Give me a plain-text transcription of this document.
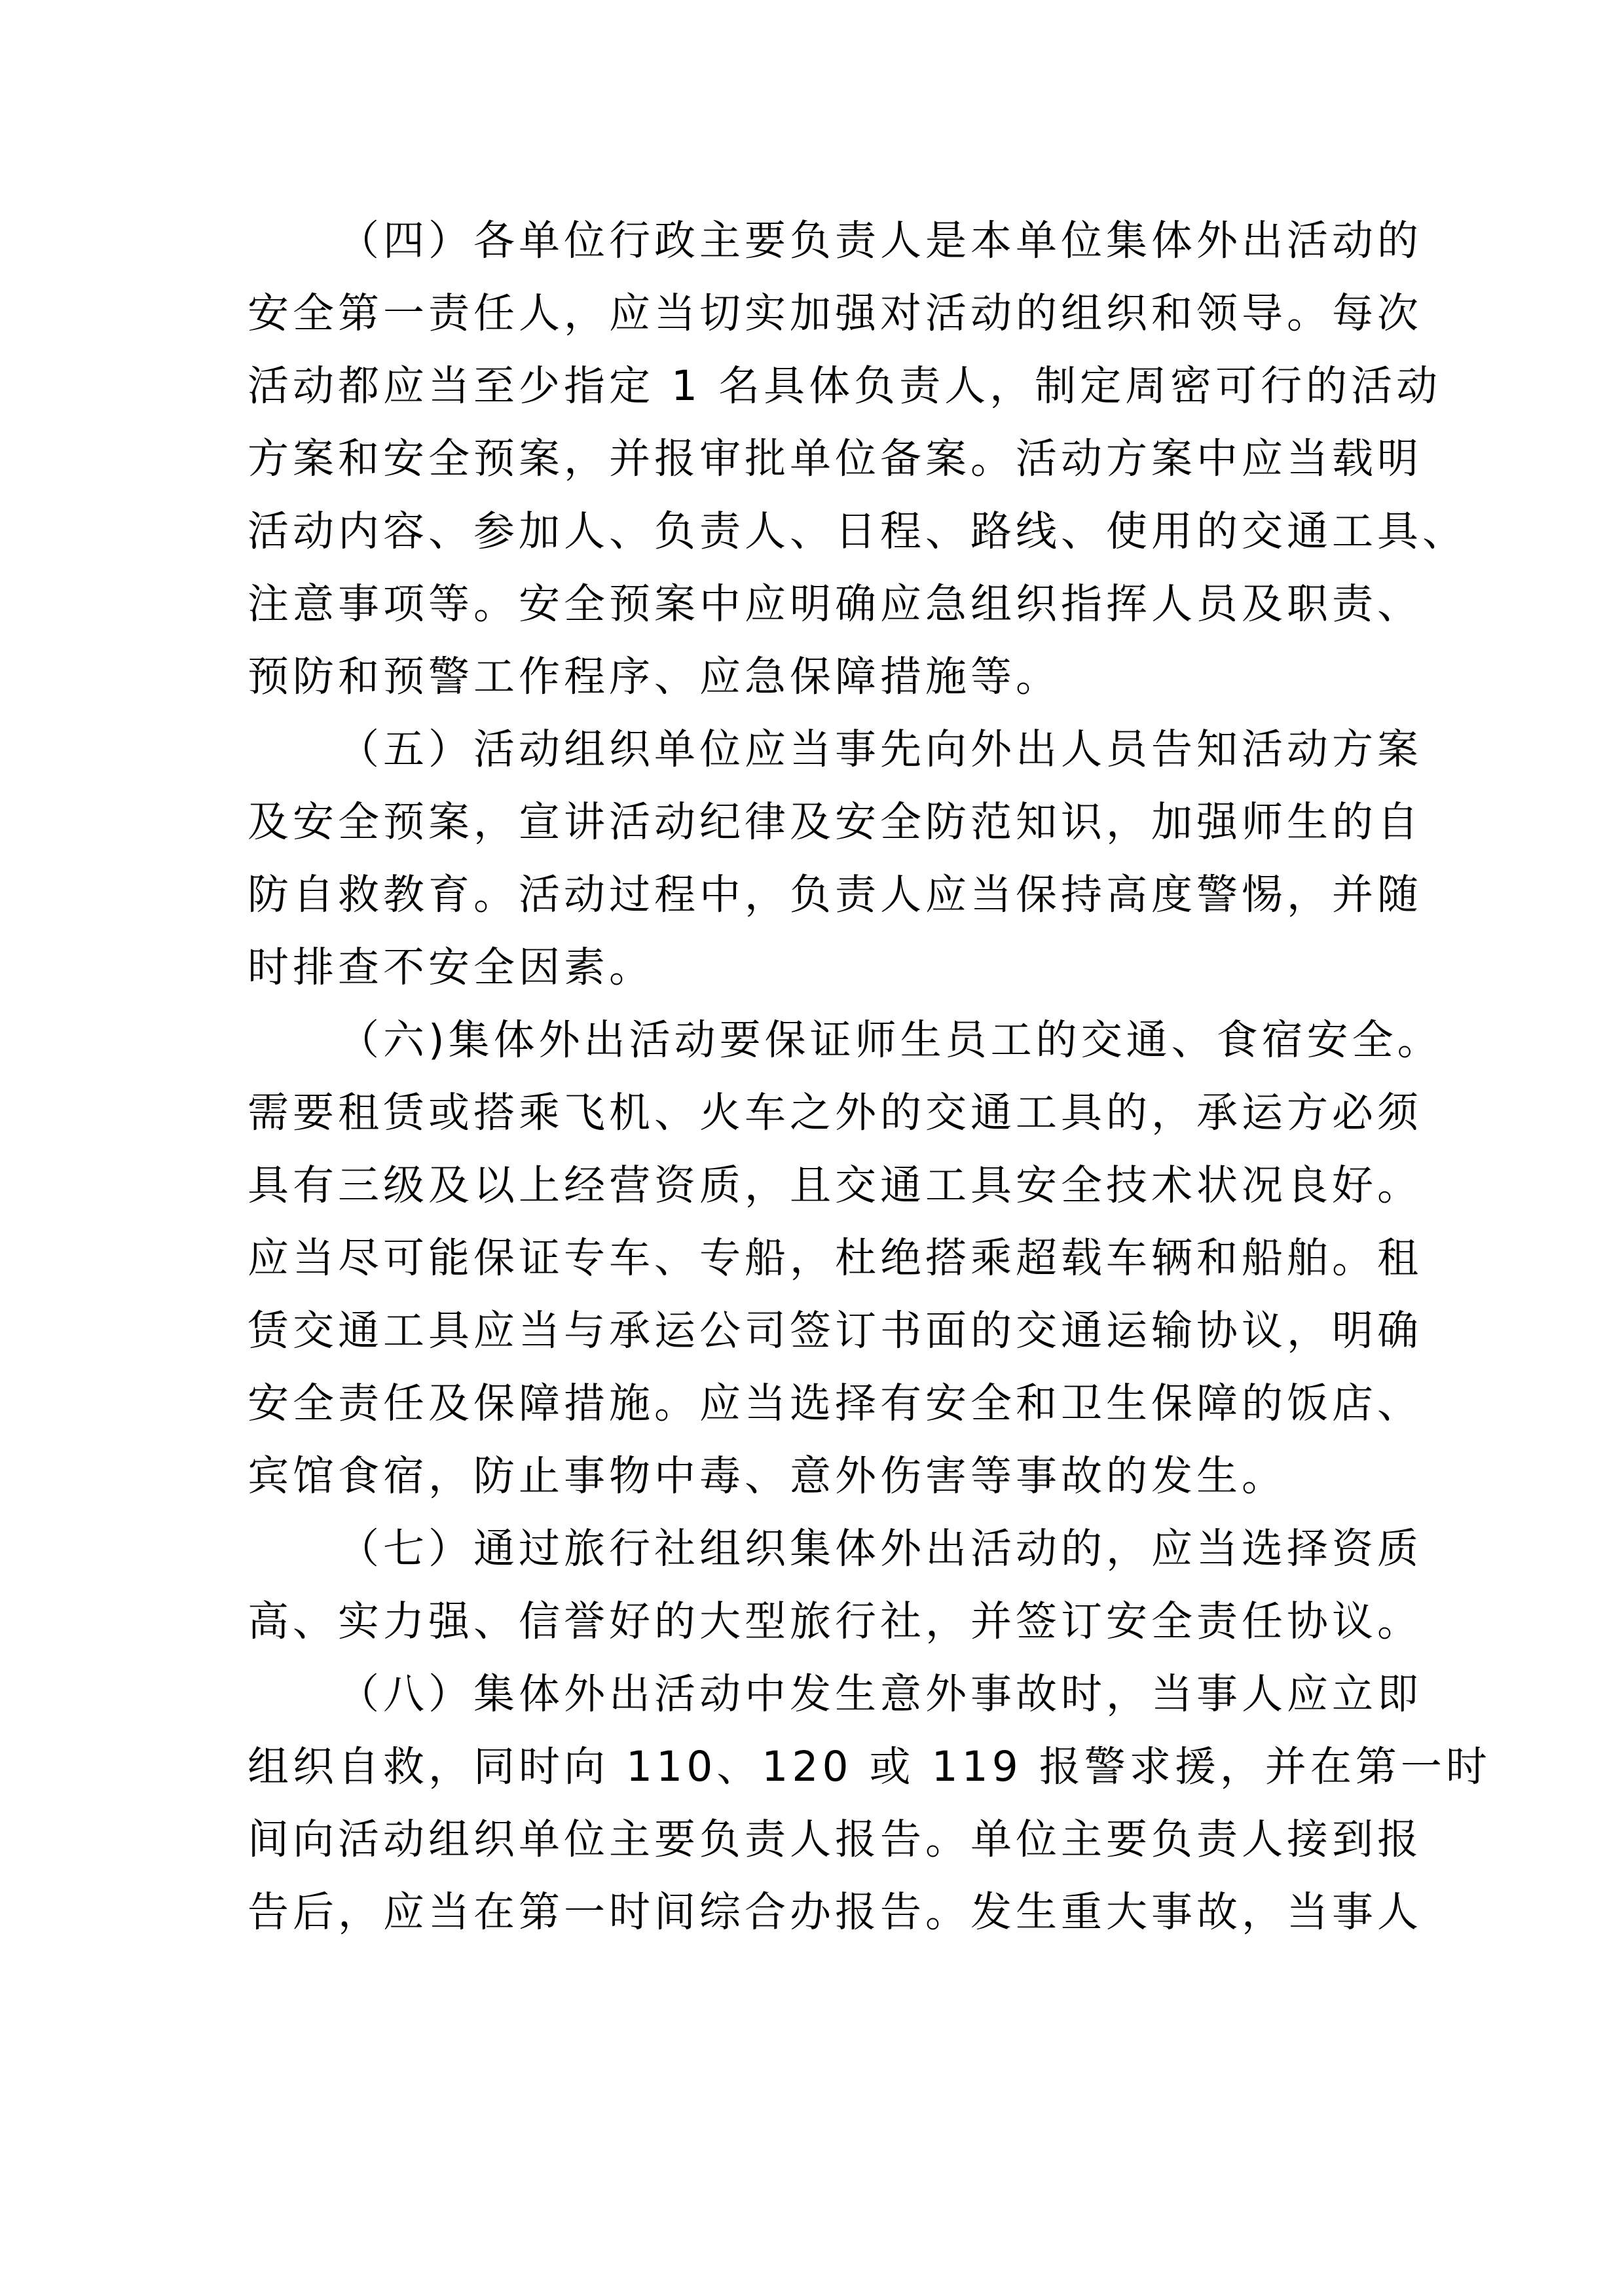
（四）各单位行政主要负责人是本单位集体外出活动的
安全第一责任人，应当切实加强对活动的组织和领导。每次
活动都应当至少指定 1 名具体负责人，制定周密可行的活动
方案和安全预案，并报审批单位备案。活动方案中应当载明
活动内容、参加人、负责人、日程、路线、使用的交通工具、
注意事项等。安全预案中应明确应急组织指挥人员及职责、
预防和预警工作程序、应急保障措施等。
（五）活动组织单位应当事先向外出人员告知活动方案
及安全预案，宣讲活动纪律及安全防范知识，加强师生的自
防自救教育。活动过程中，负责人应当保持高度警惕，并随
时排查不安全因素。
（六)集体外出活动要保证师生员工的交通、食宿安全。
需要租赁或搭乘飞机、火车之外的交通工具的，承运方必须
具有三级及以上经营资质，且交通工具安全技术状况良好。
应当尽可能保证专车、专船，杜绝搭乘超载车辆和船舶。租
赁交通工具应当与承运公司签订书面的交通运输协议，明确
安全责任及保障措施。应当选择有安全和卫生保障的饭店、
宾馆食宿，防止事物中毒、意外伤害等事故的发生。
（七）通过旅行社组织集体外出活动的，应当选择资质
高、实力强、信誉好的大型旅行社，并签订安全责任协议。
（八）集体外出活动中发生意外事故时，当事人应立即
组织自救，同时向 110、120 或 119 报警求援，并在第一时
间向活动组织单位主要负责人报告。单位主要负责人接到报
告后，应当在第一时间综合办报告。发生重大事故，当事人
